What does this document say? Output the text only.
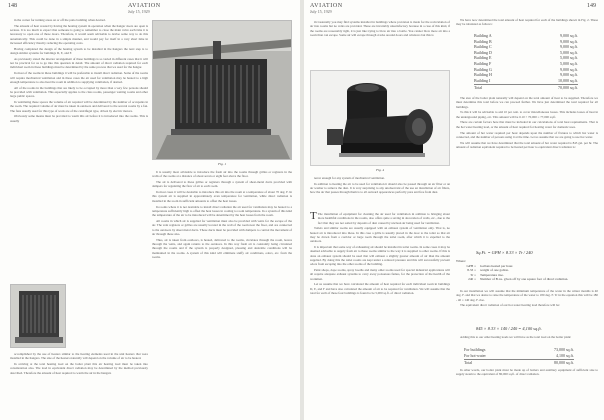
148	AVIATION
July 15, 1929

in the corner for turning areas on or off the patio building when desired.

The amount of heat wasted by having the heating system in operation when the hangar doors are open is serious. It is too much to expect that someone is going to remember to close the main valve each time it is necessary to open one of these doors. Therefore, it would seem advisable to devise some way to do this automatically. This could be done in a simple manner, and would pay for itself in a very short time in increased efficiency thereby reducing the operating costs.

Having completed the design of the heating system to be installed in the hangars the next step is to design similar systems for buildings D, E, and F.

As previously stated the interior arrangement of these buildings is so varied in different cases that it will not be practical for us to go into this question in detail. The amount of direct radiation required for each individual room in these buildings must be determined by the same process that we used for the hangar.

In most of the rooms in these buildings it will be preferable to install direct radiation. Some of the rooms will require mechanical ventilation and in these cases the air used for ventilation may be heated to a high enough temperature to also heat the room in addition to supplying ventilation, if desired.

All of the rooms in the buildings that are likely to be occupied by more than a very few persons should be provided with ventilation. This especially applies to the class rooms, passenger waiting rooms and other large public spaces.

In ventilating these spaces the volume of air required will be determined by the number of occupants in the room. The required volume of air must be taken in outdoors and delivered to the several rooms by a fan. The fans usually used for this type of work are of the centrifugal type, driven by electric motors.

Obviously some means must be provided to warm this air before it is introduced into the rooms. This is usually

Fig. 1

It is usually most advisable to introduce the fresh air into the rooms through grilles or registers in the walls of the rooms at a distance of about seven or eight feet above the floor.

The air is delivered to these grilles or registers through a system of sheet-metal ducts provided with dampers for regulating the flow of air to each room.

In most cases it will be desirable to introduce this air into the room at a temperature of about 70 deg. F. In this system air is supplied in approximately even temperature for ventilation, while direct radiation is installed in the room in sufficient amounts to offset the heat losses.

In rooms where it is not desirable to install direct radiation the air used for ventilation may be heated to a temperature sufficiently high to offset the heat losses in cooling to room temperature. In a system of this kind the temperature of the air to be introduced will be determined by the heat losses from the room.

All rooms in which air is supplied for ventilation must also be provided with vents for the escape of the air. The vent registers or grilles are usually located in the wall of the room near the floor, and are connected to the outdoors by sheet metal ducts. These ducts must be provided with dampers to control the movement of air through these also.

Thus, air is taken from outdoors, is heated, delivered to the rooms, circulates through the room, leaves through the vents, and again returns to the outdoors. In this way fresh air is constantly being circulated through the rooms and if the system is properly designed, pleasing and desirable conditions will be maintained in the rooms. A system of this kind will eliminate stuffy air conditions, odors, etc. from the rooms.

accomplished by the use of heaters similar to the heating elements used in the unit heaters that were installed in the hangars. The size of the heaters naturally will depend on the volume of air to be heated.

In arriving at the total heating load on the boiler plant this air heating load must be taken into consideration also. The load in equivalent direct radiation may be determined by the method previously described. Therefore the amount of heat required to warm the air in the hangars

AVIATION
July 15, 1929
149

Occasionally you may find systems installed in buildings where provision is made for the recirculation of air into rooms but no vents are provided. These are invariably unsatisfactory because in a case of this kind, if the rooms are reasonably tight, it is just like trying to blow air into a bottle. You cannot blow more air into a room than can escape. Some air will escape through cracks around doors and windows but this is

Fig. 4

never enough for any system of mechanical ventilation.

In addition to heating the air to be used for ventilation it should also be passed through an air filter or an air washer to remove the dust. It is very surprising to any unobservant of the use an installation of air filters, how the air that passes through them is to all outward appearances perfectly pure and free from dust.

T The installation of equipment for cleaning the air used for ventilation in addition to bringing about more healthful conditions in the rooms, also offers quite a saving in decoration of walls, etc., due to the fact that they are not soiled by deposits of dust caused by unclean air being used for ventilation.

Toilets and similar rooms are usually equipped with an exhaust system of ventilation only. That is, no heated air is introduced into these. In this case a grille is usually placed in the door to the toilet so that air may be drawn from a corridor or large room through the toilet room, after which it is expelled to the outdoors.

It is important that some way of exhausting air should be installed in toilet rooms. In some cases it may be deemed advisable to supply fresh air to these rooms similar to the way it is supplied to other rooms. If this is done an exhaust system should be used that will exhaust a slightly greater amount of air than the amount supplied. By doing this the toilet rooms are kept under a reduced pressure and this will successfully prevent odors from escaping into the other rooms of the building.

Paint shops, dope rooms, spray booths and many other rooms used for special industrial applications will all require adequate exhaust systems to carry away poisonous fumes, for the protection of the health of the workmen.

Let us assume that we have calculated the amount of heat required for each individual room in buildings D, E, and F and have also calculated the amount of air to be required for ventilation. We will assume that the total for each of these four buildings is found to be 5,000 sq.ft. of direct radiation.

We have now determined the total amount of heat required for each of the buildings shown in Fig. 2. These may be tabulated as follows:

Building A	9,000 sq.ft.
Building B	9,000 sq.ft.
Building C	9,000 sq.ft.
Building D	5,000 sq.ft.
Building E	5,000 sq.ft.
Building F	5,000 sq.ft.
Building G	9,000 sq.ft.
Building H	9,000 sq.ft.
Building I	10,000 sq.ft.
Total	70,000 sq.ft.

The size of the boiler plant naturally will depend on the total amount of heat to be supplied. Therefore we must determine this total before we can proceed further. We have just determined the total required for all buildings.

To this it will be advisable to add 10 per cent. to cover miscellaneous losses. This includes losses of heat in the underground piping, etc. This amount will be 0.10 × 70,000 = 77,000 sq.ft.

There are certain factors here that must be included in our calculations of total heat requirements. That is the hot water heating load, or the amount of heat required for heating water for domestic uses.

The amount of hot water required per hour depends upon the number of fixtures to which hot water is connected, and the number of persons using it at the time. Let us assume that we are going to use hot water.

We will assume that we have determined that the total amount of hot water required is 845 gal. per hr. The amount of radiation equivalent required to be heated per hour to equivalent direct radiation is:

Sq.Ft. = GPH × 8.33 × Tr / 240
Where:
GPH = Gallons heated per hour.
8.33 = weight of one gallon.
Tr = Temperature rise.
240 = Number of B.t.u. given off by one square foot of direct radiation.

In our installation we will assume that the minimum temperature of the water in the winter months is 40 deg. F. and that we desire to raise the temperature of the water to 180 deg. F. Tr in the equation this will be 180 - 40 = 140 deg. F. rise.

The equivalent direct radiation of our hot-water heating load therefore will be:

845 × 8.33 × 140 / 240 = 4,100 sq.ft.

Adding this to our other heating loads we will have as the total load on the boiler plant:

For buildings	73,000 sq.ft.
For hot-water	4,100 sq.ft.
Total	80,000 sq.ft.

In other words, our boiler plant must be made up of boilers and auxiliary equipment of sufficient size to supply steam to the equivalent of 80,000 sq.ft. of direct radiation.
